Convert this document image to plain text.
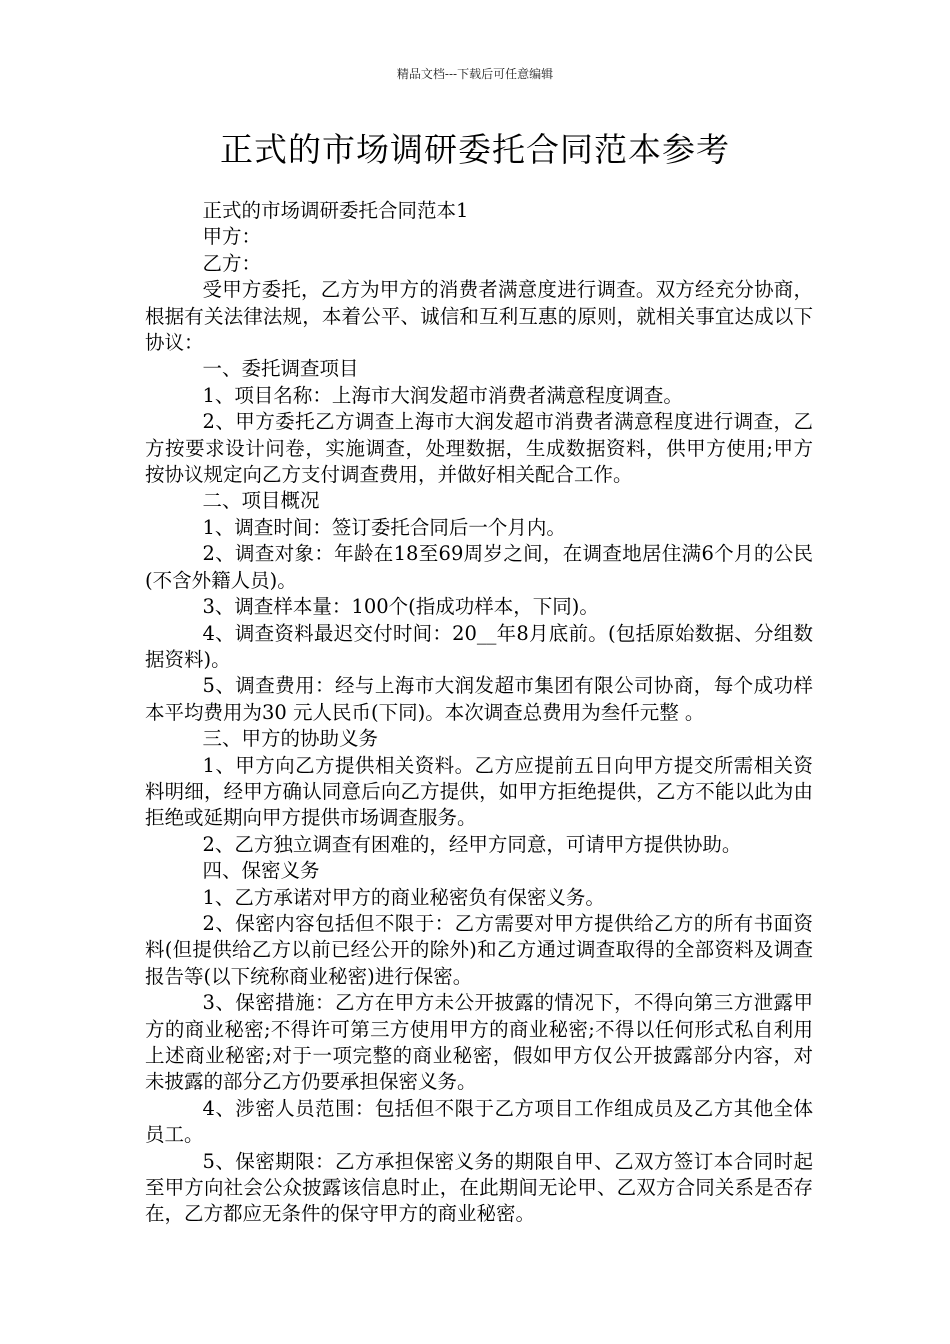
精品文档---下载后可任意编辑
正式的市场调研委托合同范本参考

正式的市场调研委托合同范本1

甲方：

乙方：

受甲方委托，乙方为甲方的消费者满意度进行调查。双方经充分协商，根据有关法律法规，本着公平、诚信和互利互惠的原则，就相关事宜达成以下协议：

一、委托调查项目

1、项目名称：上海市大润发超市消费者满意程度调查。

2、甲方委托乙方调查上海市大润发超市消费者满意程度进行调查，乙方按要求设计问卷，实施调查，处理数据，生成数据资料，供甲方使用;甲方按协议规定向乙方支付调查费用，并做好相关配合工作。

二、项目概况

1、调查时间：签订委托合同后一个月内。

2、调查对象：年龄在18至69周岁之间，在调查地居住满6个月的公民(不含外籍人员)。

3、调查样本量：100个(指成功样本，下同)。

4、调查资料最迟交付时间：20__年8月底前。(包括原始数据、分组数据资料)。

5、调查费用：经与上海市大润发超市集团有限公司协商，每个成功样本平均费用为30 元人民币(下同)。本次调查总费用为叁仟元整 。

三、甲方的协助义务

1、甲方向乙方提供相关资料。乙方应提前五日向甲方提交所需相关资料明细，经甲方确认同意后向乙方提供，如甲方拒绝提供，乙方不能以此为由拒绝或延期向甲方提供市场调查服务。

2、乙方独立调查有困难的，经甲方同意，可请甲方提供协助。

四、保密义务

1、乙方承诺对甲方的商业秘密负有保密义务。

2、保密内容包括但不限于：乙方需要对甲方提供给乙方的所有书面资料(但提供给乙方以前已经公开的除外)和乙方通过调查取得的全部资料及调查报告等(以下统称商业秘密)进行保密。

3、保密措施：乙方在甲方未公开披露的情况下，不得向第三方泄露甲方的商业秘密;不得许可第三方使用甲方的商业秘密;不得以任何形式私自利用上述商业秘密;对于一项完整的商业秘密，假如甲方仅公开披露部分内容，对未披露的部分乙方仍要承担保密义务。

4、涉密人员范围：包括但不限于乙方项目工作组成员及乙方其他全体员工。

5、保密期限：乙方承担保密义务的期限自甲、乙双方签订本合同时起至甲方向社会公众披露该信息时止，在此期间无论甲、乙双方合同关系是否存在，乙方都应无条件的保守甲方的商业秘密。
